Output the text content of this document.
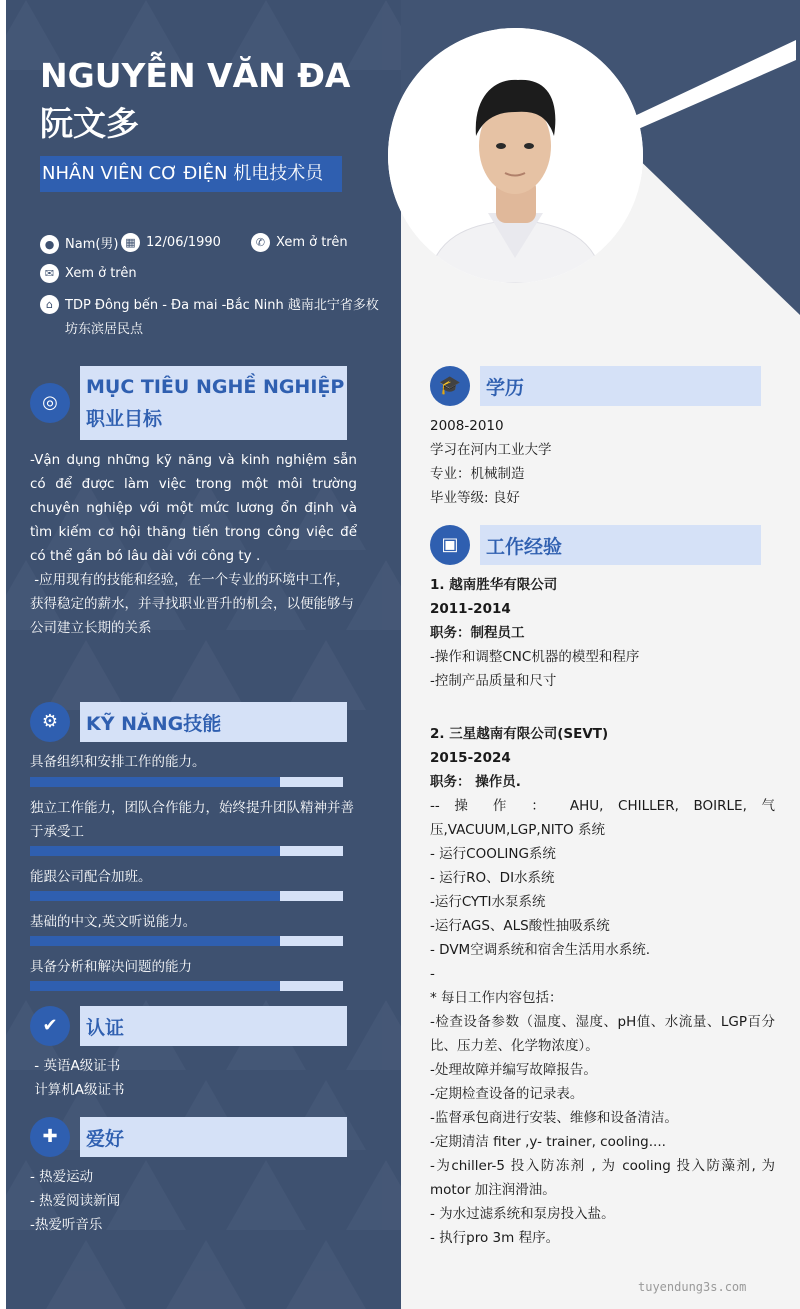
NGUYỄN VĂN ĐA阮文多
NHÂN VIÊN CƠ ĐIỆN 机电技术员
● Nam(男) ▦ 12/06/1990	✆ Xem ở trên
✉ Xem ở trên
⌂ TDP Đông bến - Đa mai -Bắc Ninh 越南北宁省多枚坊东滨居民点
◎
MỤC TIÊU NGHỀ NGHIỆP职业目标
-Vận dụng những kỹ năng và kinh nghiệm sẵn có để được làm việc trong một môi trường chuyên nghiệp với một mức lương ổn định và tìm kiếm cơ hội thăng tiến trong công việc để có thể gắn bó lâu dài với công ty .
-应用现有的技能和经验，在一个专业的环境中工作，获得稳定的薪水，并寻找职业晋升的机会，以便能够与公司建立长期的关系
⚙	KỸ NĂNG技能
具备组织和安排工作的能力。
独立工作能力，团队合作能力，始终提升团队精神并善于承受工
能跟公司配合加班。
基础的中文,英文听说能力。
具备分析和解决问题的能力
✔	认证
- 英语A级证书
计算机A级证书
✚	爱好
- 热爱运动
- 热爱阅读新闻
-热爱听音乐
🎓	学历
2008-2010
学习在河内工业大学
专业：机械制造
毕业等级: 良好
▣	工作经验
1. 越南胜华有限公司
2011-2014
职务：制程员工
-操作和调整CNC机器的模型和程序
-控制产品质量和尺寸
2. 三星越南有限公司(SEVT)
2015-2024
职务： 操作员.
-- 操 作 ： AHU, CHILLER, BOIRLE, 气压,VACUUM,LGP,NITO 系统
- 运行COOLING系统
- 运行RO、DI水系统
-运行CYTI水泵系统
-运行AGS、ALS酸性抽吸系统
- DVM空调系统和宿舍生活用水系统.
-
* 每日工作内容包括：
-检查设备参数（温度、湿度、pH值、水流量、LGP百分比、压力差、化学物浓度）。
-处理故障并编写故障报告。
-定期检查设备的记录表。
-监督承包商进行安装、维修和设备清洁。
-定期清洁 fiter ,y- trainer, cooling....
-为chiller-5 投入防冻剂 , 为 cooling 投入防藻剂, 为motor 加注润滑油。
- 为水过滤系统和泵房投入盐。
- 执行pro 3m 程序。
tuyendung3s.com
